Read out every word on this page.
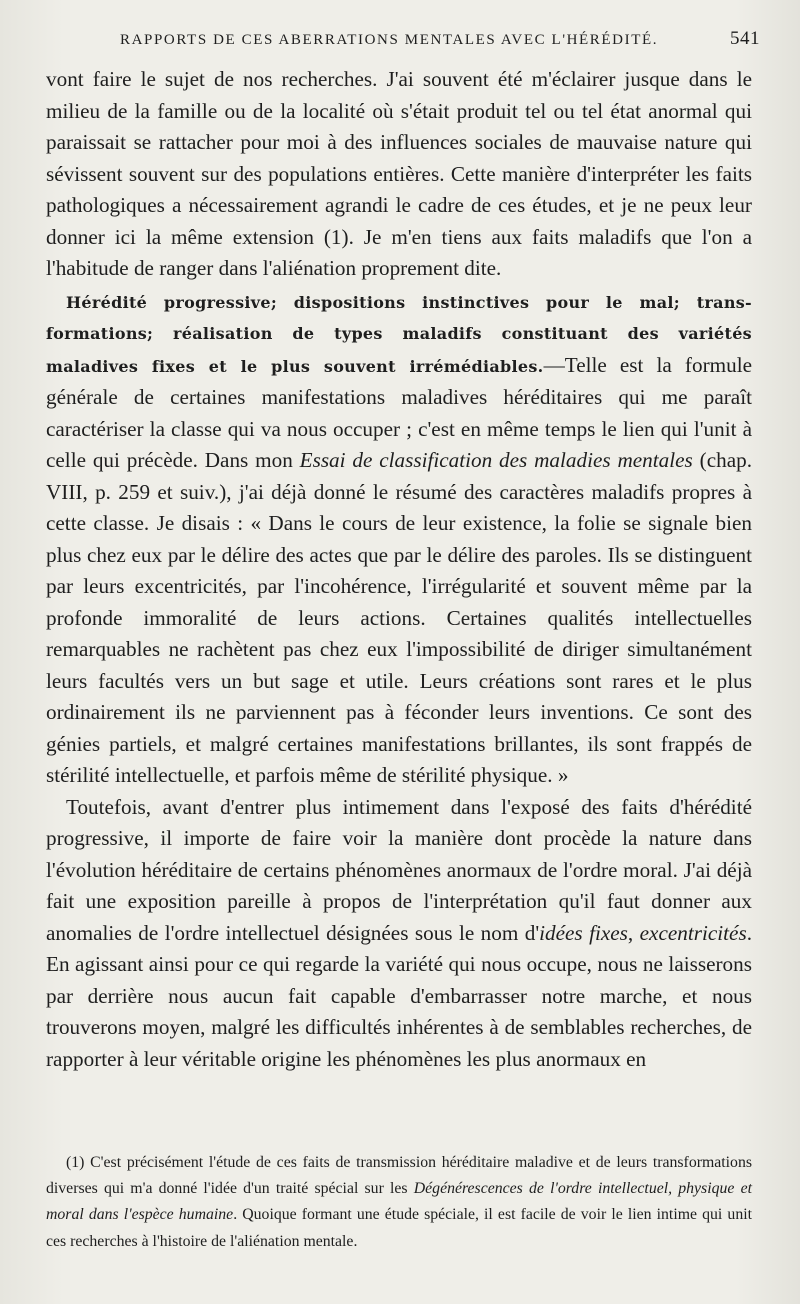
RAPPORTS DE CES ABERRATIONS MENTALES AVEC L'HÉRÉDITÉ.	541

vont faire le sujet de nos recherches. J'ai souvent été m'éclairer jusque dans le milieu de la famille ou de la localité où s'était produit tel ou tel état anormal qui paraissait se rattacher pour moi à des influences sociales de mauvaise nature qui sévissent souvent sur des populations entières. Cette manière d'interpréter les faits pathologiques a nécessairement agrandi le cadre de ces études, et je ne peux leur donner ici la même extension (1). Je m'en tiens aux faits maladifs que l'on a l'habitude de ranger dans l'aliénation proprement dite.

Hérédité progressive; dispositions instinctives pour le mal; trans-
formations; réalisation de types maladifs constituant des variétés
maladives fixes et le plus souvent irrémédiables.—Telle est la formule générale de certaines manifestations maladives héréditaires qui me paraît caractériser la classe qui va nous occuper ; c'est en même temps le lien qui l'unit à celle qui précède. Dans mon Essai de classification des maladies mentales (chap. VIII, p. 259 et suiv.), j'ai déjà donné le résumé des caractères maladifs propres à cette classe. Je disais : « Dans le cours de leur existence, la folie se signale bien plus chez eux par le délire des actes que par le délire des paroles. Ils se distinguent par leurs excentricités, par l'incohérence, l'irrégularité et souvent même par la profonde immoralité de leurs actions. Certaines qualités intellectuelles remarquables ne rachètent pas chez eux l'impossibilité de diriger simultanément leurs facultés vers un but sage et utile. Leurs créations sont rares et le plus ordinairement ils ne parviennent pas à féconder leurs inventions. Ce sont des génies partiels, et malgré certaines manifestations brillantes, ils sont frappés de stérilité intellectuelle, et parfois même de stérilité physique. »

Toutefois, avant d'entrer plus intimement dans l'exposé des faits d'hérédité progressive, il importe de faire voir la manière dont procède la nature dans l'évolution héréditaire de certains phénomènes anormaux de l'ordre moral. J'ai déjà fait une exposition pareille à propos de l'interprétation qu'il faut donner aux anomalies de l'ordre intellectuel désignées sous le nom d'idées fixes, excentricités. En agissant ainsi pour ce qui regarde la variété qui nous occupe, nous ne laisserons par derrière nous aucun fait capable d'embarrasser notre marche, et nous trouverons moyen, malgré les difficultés inhérentes à de semblables recherches, de rapporter à leur véritable origine les phénomènes les plus anormaux en

(1) C'est précisément l'étude de ces faits de transmission héréditaire maladive et de leurs transformations diverses qui m'a donné l'idée d'un traité spécial sur les Dégénérescences de l'ordre intellectuel, physique et moral dans l'espèce humaine. Quoique formant une étude spéciale, il est facile de voir le lien intime qui unit ces recherches à l'histoire de l'aliénation mentale.
